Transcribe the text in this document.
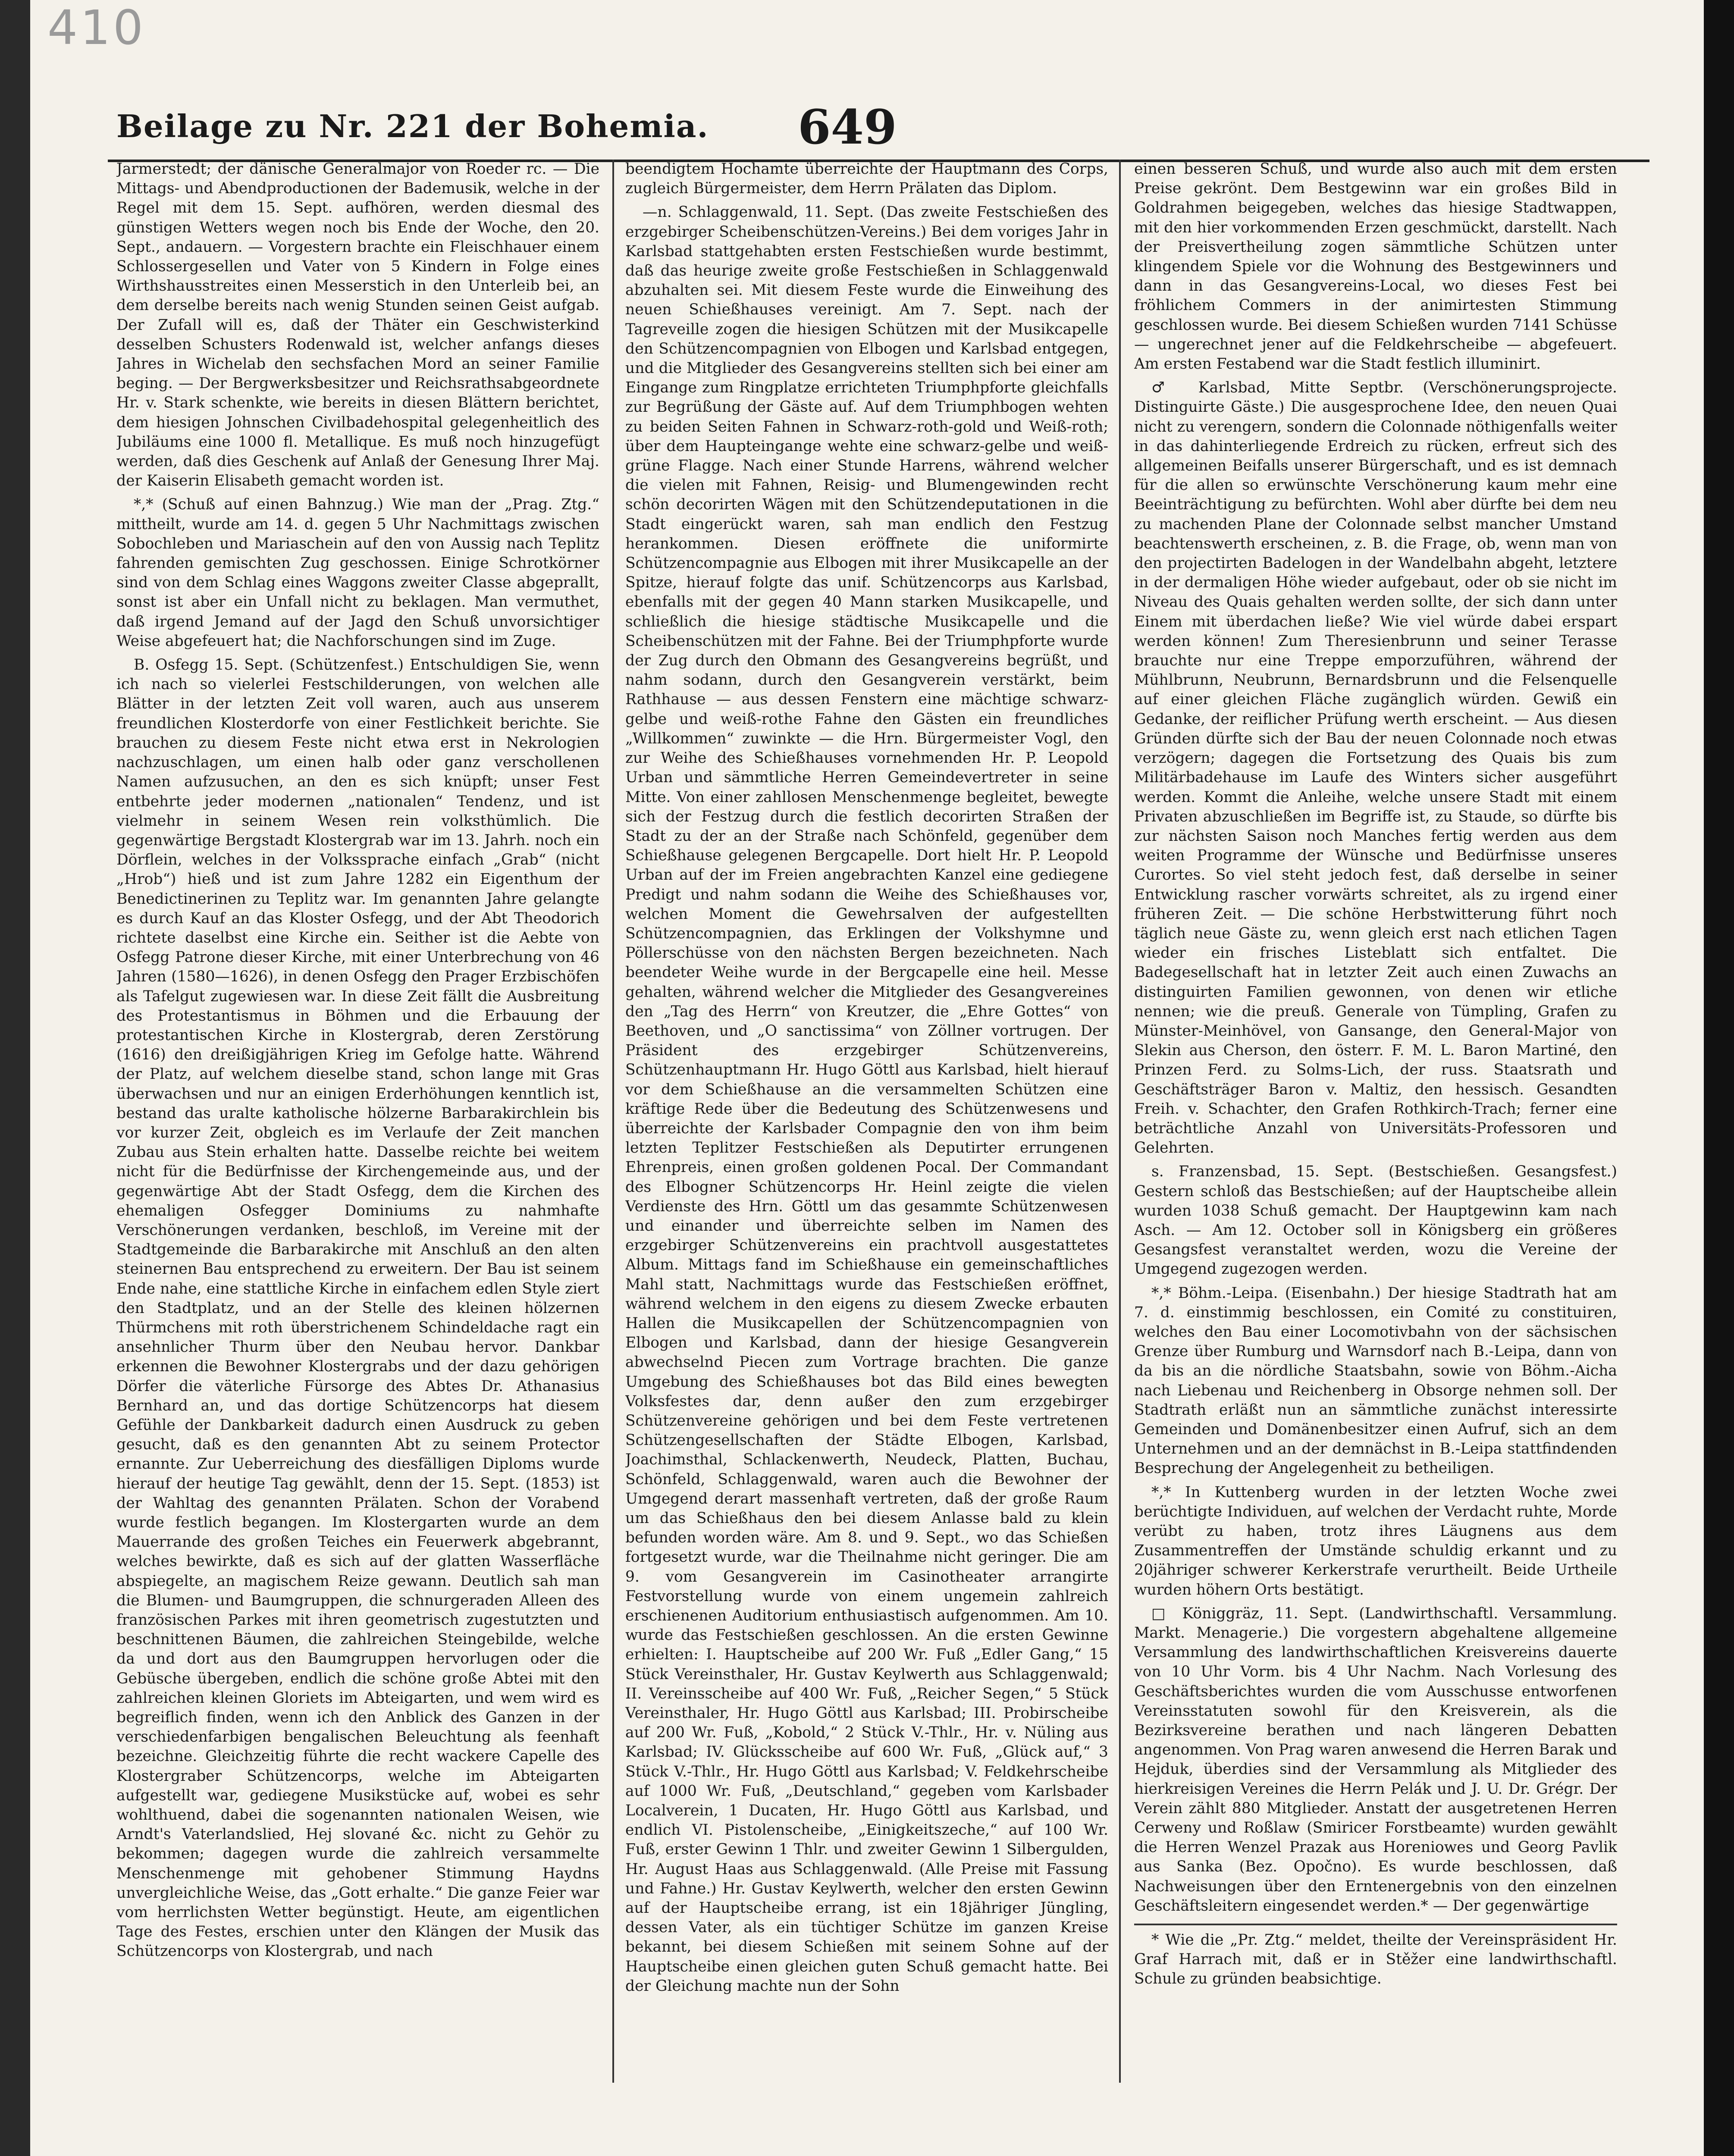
410
Beilage zu Nr. 221 der Bohemia. 649

Jarmerstedt; der dänische Generalmajor von Roeder rc. — Die Mittags- und Abendproductionen der Bademusik, welche in der Regel mit dem 15. Sept. aufhören, werden diesmal des günstigen Wetters wegen noch bis Ende der Woche, den 20. Sept., andauern. — Vorgestern brachte ein Fleischhauer einem Schlossergesellen und Vater von 5 Kindern in Folge eines Wirthshausstreites einen Messerstich in den Unterleib bei, an dem derselbe bereits nach wenig Stunden seinen Geist aufgab. Der Zufall will es, daß der Thäter ein Geschwisterkind desselben Schusters Rodenwald ist, welcher anfangs dieses Jahres in Wichelab den sechsfachen Mord an seiner Familie beging. — Der Bergwerksbesitzer und Reichsrathsabgeordnete Hr. v. Stark schenkte, wie bereits in diesen Blättern berichtet, dem hiesigen Johnschen Civilbadehospital gelegenheitlich des Jubiläums eine 1000 fl. Metallique. Es muß noch hinzugefügt werden, daß dies Geschenk auf Anlaß der Genesung Ihrer Maj. der Kaiserin Elisabeth gemacht worden ist.

*,* (Schuß auf einen Bahnzug.) Wie man der „Prag. Ztg.“ mittheilt, wurde am 14. d. gegen 5 Uhr Nachmittags zwischen Sobochleben und Mariaschein auf den von Aussig nach Teplitz fahrenden gemischten Zug geschossen. Einige Schrotkörner sind von dem Schlag eines Waggons zweiter Classe abgeprallt, sonst ist aber ein Unfall nicht zu beklagen. Man vermuthet, daß irgend Jemand auf der Jagd den Schuß unvorsichtiger Weise abgefeuert hat; die Nachforschungen sind im Zuge.

B. Osfegg 15. Sept. (Schützenfest.) Entschuldigen Sie, wenn ich nach so vielerlei Festschilderungen, von welchen alle Blätter in der letzten Zeit voll waren, auch aus unserem freundlichen Klosterdorfe von einer Festlichkeit berichte. Sie brauchen zu diesem Feste nicht etwa erst in Nekrologien nachzuschlagen, um einen halb oder ganz verschollenen Namen aufzusuchen, an den es sich knüpft; unser Fest entbehrte jeder modernen „nationalen“ Tendenz, und ist vielmehr in seinem Wesen rein volksthümlich. Die gegenwärtige Bergstadt Klostergrab war im 13. Jahrh. noch ein Dörflein, welches in der Volkssprache einfach „Grab“ (nicht „Hrob“) hieß und ist zum Jahre 1282 ein Eigenthum der Benedictinerinen zu Teplitz war. Im genannten Jahre gelangte es durch Kauf an das Kloster Osfegg, und der Abt Theodorich richtete daselbst eine Kirche ein. Seither ist die Aebte von Osfegg Patrone dieser Kirche, mit einer Unterbrechung von 46 Jahren (1580—1626), in denen Osfegg den Prager Erzbischöfen als Tafelgut zugewiesen war. In diese Zeit fällt die Ausbreitung des Protestantismus in Böhmen und die Erbauung der protestantischen Kirche in Klostergrab, deren Zerstörung (1616) den dreißigjährigen Krieg im Gefolge hatte. Während der Platz, auf welchem dieselbe stand, schon lange mit Gras überwachsen und nur an einigen Erderhöhungen kenntlich ist, bestand das uralte katholische hölzerne Barbarakirchlein bis vor kurzer Zeit, obgleich es im Verlaufe der Zeit manchen Zubau aus Stein erhalten hatte. Dasselbe reichte bei weitem nicht für die Bedürfnisse der Kirchengemeinde aus, und der gegenwärtige Abt der Stadt Osfegg, dem die Kirchen des ehemaligen Osfegger Dominiums zu nahmhafte Verschönerungen verdanken, beschloß, im Vereine mit der Stadtgemeinde die Barbarakirche mit Anschluß an den alten steinernen Bau entsprechend zu erweitern. Der Bau ist seinem Ende nahe, eine stattliche Kirche in einfachem edlen Style ziert den Stadtplatz, und an der Stelle des kleinen hölzernen Thürmchens mit roth überstrichenem Schindeldache ragt ein ansehnlicher Thurm über den Neubau hervor. Dankbar erkennen die Bewohner Klostergrabs und der dazu gehörigen Dörfer die väterliche Fürsorge des Abtes Dr. Athanasius Bernhard an, und das dortige Schützencorps hat diesem Gefühle der Dankbarkeit dadurch einen Ausdruck zu geben gesucht, daß es den genannten Abt zu seinem Protector ernannte. Zur Ueberreichung des diesfälligen Diploms wurde hierauf der heutige Tag gewählt, denn der 15. Sept. (1853) ist der Wahltag des genannten Prälaten. Schon der Vorabend wurde festlich begangen. Im Klostergarten wurde an dem Mauerrande des großen Teiches ein Feuerwerk abgebrannt, welches bewirkte, daß es sich auf der glatten Wasserfläche abspiegelte, an magischem Reize gewann. Deutlich sah man die Blumen- und Baumgruppen, die schnurgeraden Alleen des französischen Parkes mit ihren geometrisch zugestutzten und beschnittenen Bäumen, die zahlreichen Steingebilde, welche da und dort aus den Baumgruppen hervorlugen oder die Gebüsche übergeben, endlich die schöne große Abtei mit den zahlreichen kleinen Gloriets im Abteigarten, und wem wird es begreiflich finden, wenn ich den Anblick des Ganzen in der verschiedenfarbigen bengalischen Beleuchtung als feenhaft bezeichne. Gleichzeitig führte die recht wackere Capelle des Klostergraber Schützencorps, welche im Abteigarten aufgestellt war, gediegene Musikstücke auf, wobei es sehr wohlthuend, dabei die sogenannten nationalen Weisen, wie Arndt's Vaterlandslied, Hej slované &c. nicht zu Gehör zu bekommen; dagegen wurde die zahlreich versammelte Menschenmenge mit gehobener Stimmung Haydns unvergleichliche Weise, das „Gott erhalte.“ Die ganze Feier war vom herrlichsten Wetter begünstigt. Heute, am eigentlichen Tage des Festes, erschien unter den Klängen der Musik das Schützencorps von Klostergrab, und nach

beendigtem Hochamte überreichte der Hauptmann des Corps, zugleich Bürgermeister, dem Herrn Prälaten das Diplom.

—n. Schlaggenwald, 11. Sept. (Das zweite Festschießen des erzgebirger Scheibenschützen-Vereins.) Bei dem voriges Jahr in Karlsbad stattgehabten ersten Festschießen wurde bestimmt, daß das heurige zweite große Festschießen in Schlaggenwald abzuhalten sei. Mit diesem Feste wurde die Einweihung des neuen Schießhauses vereinigt. Am 7. Sept. nach der Tagreveille zogen die hiesigen Schützen mit der Musikcapelle den Schützencompagnien von Elbogen und Karlsbad entgegen, und die Mitglieder des Gesangvereins stellten sich bei einer am Eingange zum Ringplatze errichteten Triumphpforte gleichfalls zur Begrüßung der Gäste auf. Auf dem Triumphbogen wehten zu beiden Seiten Fahnen in Schwarz-roth-gold und Weiß-roth; über dem Haupteingange wehte eine schwarz-gelbe und weiß-grüne Flagge. Nach einer Stunde Harrens, während welcher die vielen mit Fahnen, Reisig- und Blumengewinden recht schön decorirten Wägen mit den Schützendeputationen in die Stadt eingerückt waren, sah man endlich den Festzug herankommen. Diesen eröffnete die uniformirte Schützencompagnie aus Elbogen mit ihrer Musikcapelle an der Spitze, hierauf folgte das unif. Schützencorps aus Karlsbad, ebenfalls mit der gegen 40 Mann starken Musikcapelle, und schließlich die hiesige städtische Musikcapelle und die Scheibenschützen mit der Fahne. Bei der Triumphpforte wurde der Zug durch den Obmann des Gesangvereins begrüßt, und nahm sodann, durch den Gesangverein verstärkt, beim Rathhause — aus dessen Fenstern eine mächtige schwarz-gelbe und weiß-rothe Fahne den Gästen ein freundliches „Willkommen“ zuwinkte — die Hrn. Bürgermeister Vogl, den zur Weihe des Schießhauses vornehmenden Hr. P. Leopold Urban und sämmtliche Herren Gemeindevertreter in seine Mitte. Von einer zahllosen Menschenmenge begleitet, bewegte sich der Festzug durch die festlich decorirten Straßen der Stadt zu der an der Straße nach Schönfeld, gegenüber dem Schießhause gelegenen Bergcapelle. Dort hielt Hr. P. Leopold Urban auf der im Freien angebrachten Kanzel eine gediegene Predigt und nahm sodann die Weihe des Schießhauses vor, welchen Moment die Gewehrsalven der aufgestellten Schützencompagnien, das Erklingen der Volkshymne und Pöllerschüsse von den nächsten Bergen bezeichneten. Nach beendeter Weihe wurde in der Bergcapelle eine heil. Messe gehalten, während welcher die Mitglieder des Gesangvereines den „Tag des Herrn“ von Kreutzer, die „Ehre Gottes“ von Beethoven, und „O sanctissima“ von Zöllner vortrugen. Der Präsident des erzgebirger Schützenvereins, Schützenhauptmann Hr. Hugo Göttl aus Karlsbad, hielt hierauf vor dem Schießhause an die versammelten Schützen eine kräftige Rede über die Bedeutung des Schützenwesens und überreichte der Karlsbader Compagnie den von ihm beim letzten Teplitzer Festschießen als Deputirter errungenen Ehrenpreis, einen großen goldenen Pocal. Der Commandant des Elbogner Schützencorps Hr. Heinl zeigte die vielen Verdienste des Hrn. Göttl um das gesammte Schützenwesen und einander und überreichte selben im Namen des erzgebirger Schützenvereins ein prachtvoll ausgestattetes Album. Mittags fand im Schießhause ein gemeinschaftliches Mahl statt, Nachmittags wurde das Festschießen eröffnet, während welchem in den eigens zu diesem Zwecke erbauten Hallen die Musikcapellen der Schützencompagnien von Elbogen und Karlsbad, dann der hiesige Gesangverein abwechselnd Piecen zum Vortrage brachten. Die ganze Umgebung des Schießhauses bot das Bild eines bewegten Volksfestes dar, denn außer den zum erzgebirger Schützenvereine gehörigen und bei dem Feste vertretenen Schützengesellschaften der Städte Elbogen, Karlsbad, Joachimsthal, Schlackenwerth, Neudeck, Platten, Buchau, Schönfeld, Schlaggenwald, waren auch die Bewohner der Umgegend derart massenhaft vertreten, daß der große Raum um das Schießhaus den bei diesem Anlasse bald zu klein befunden worden wäre. Am 8. und 9. Sept., wo das Schießen fortgesetzt wurde, war die Theilnahme nicht geringer. Die am 9. vom Gesangverein im Casinotheater arrangirte Festvorstellung wurde von einem ungemein zahlreich erschienenen Auditorium enthusiastisch aufgenommen. Am 10. wurde das Festschießen geschlossen. An die ersten Gewinne erhielten: I. Hauptscheibe auf 200 Wr. Fuß „Edler Gang,“ 15 Stück Vereinsthaler, Hr. Gustav Keylwerth aus Schlaggenwald; II. Vereinsscheibe auf 400 Wr. Fuß, „Reicher Segen,“ 5 Stück Vereinsthaler, Hr. Hugo Göttl aus Karlsbad; III. Probirscheibe auf 200 Wr. Fuß, „Kobold,“ 2 Stück V.-Thlr., Hr. v. Nüling aus Karlsbad; IV. Glücksscheibe auf 600 Wr. Fuß, „Glück auf,“ 3 Stück V.-Thlr., Hr. Hugo Göttl aus Karlsbad; V. Feldkehrscheibe auf 1000 Wr. Fuß, „Deutschland,“ gegeben vom Karlsbader Localverein, 1 Ducaten, Hr. Hugo Göttl aus Karlsbad, und endlich VI. Pistolenscheibe, „Einigkeitszeche,“ auf 100 Wr. Fuß, erster Gewinn 1 Thlr. und zweiter Gewinn 1 Silbergulden, Hr. August Haas aus Schlaggenwald. (Alle Preise mit Fassung und Fahne.) Hr. Gustav Keylwerth, welcher den ersten Gewinn auf der Hauptscheibe errang, ist ein 18jähriger Jüngling, dessen Vater, als ein tüchtiger Schütze im ganzen Kreise bekannt, bei diesem Schießen mit seinem Sohne auf der Hauptscheibe einen gleichen guten Schuß gemacht hatte. Bei der Gleichung machte nun der Sohn

einen besseren Schuß, und wurde also auch mit dem ersten Preise gekrönt. Dem Bestgewinn war ein großes Bild in Goldrahmen beigegeben, welches das hiesige Stadtwappen, mit den hier vorkommenden Erzen geschmückt, darstellt. Nach der Preisvertheilung zogen sämmtliche Schützen unter klingendem Spiele vor die Wohnung des Bestgewinners und dann in das Gesangvereins-Local, wo dieses Fest bei fröhlichem Commers in der animirtesten Stimmung geschlossen wurde. Bei diesem Schießen wurden 7141 Schüsse — ungerechnet jener auf die Feldkehrscheibe — abgefeuert. Am ersten Festabend war die Stadt festlich illuminirt.

♂ Karlsbad, Mitte Septbr. (Verschönerungsprojecte. Distinguirte Gäste.) Die ausgesprochene Idee, den neuen Quai nicht zu verengern, sondern die Colonnade nöthigenfalls weiter in das dahinterliegende Erdreich zu rücken, erfreut sich des allgemeinen Beifalls unserer Bürgerschaft, und es ist demnach für die allen so erwünschte Verschönerung kaum mehr eine Beeinträchtigung zu befürchten. Wohl aber dürfte bei dem neu zu machenden Plane der Colonnade selbst mancher Umstand beachtenswerth erscheinen, z. B. die Frage, ob, wenn man von den projectirten Badelogen in der Wandelbahn abgeht, letztere in der dermaligen Höhe wieder aufgebaut, oder ob sie nicht im Niveau des Quais gehalten werden sollte, der sich dann unter Einem mit überdachen ließe? Wie viel würde dabei erspart werden können! Zum Theresienbrunn und seiner Terasse brauchte nur eine Treppe emporzuführen, während der Mühlbrunn, Neubrunn, Bernardsbrunn und die Felsenquelle auf einer gleichen Fläche zugänglich würden. Gewiß ein Gedanke, der reiflicher Prüfung werth erscheint. — Aus diesen Gründen dürfte sich der Bau der neuen Colonnade noch etwas verzögern; dagegen die Fortsetzung des Quais bis zum Militärbadehause im Laufe des Winters sicher ausgeführt werden. Kommt die Anleihe, welche unsere Stadt mit einem Privaten abzuschließen im Begriffe ist, zu Staude, so dürfte bis zur nächsten Saison noch Manches fertig werden aus dem weiten Programme der Wünsche und Bedürfnisse unseres Curortes. So viel steht jedoch fest, daß derselbe in seiner Entwicklung rascher vorwärts schreitet, als zu irgend einer früheren Zeit. — Die schöne Herbstwitterung führt noch täglich neue Gäste zu, wenn gleich erst nach etlichen Tagen wieder ein frisches Listeblatt sich entfaltet. Die Badegesellschaft hat in letzter Zeit auch einen Zuwachs an distinguirten Familien gewonnen, von denen wir etliche nennen; wie die preuß. Generale von Tümpling, Grafen zu Münster-Meinhövel, von Gansange, den General-Major von Slekin aus Cherson, den österr. F. M. L. Baron Martiné, den Prinzen Ferd. zu Solms-Lich, der russ. Staatsrath und Geschäftsträger Baron v. Maltiz, den hessisch. Gesandten Freih. v. Schachter, den Grafen Rothkirch-Trach; ferner eine beträchtliche Anzahl von Universitäts-Professoren und Gelehrten.

s. Franzensbad, 15. Sept. (Bestschießen. Gesangsfest.) Gestern schloß das Bestschießen; auf der Hauptscheibe allein wurden 1038 Schuß gemacht. Der Hauptgewinn kam nach Asch. — Am 12. October soll in Königsberg ein größeres Gesangsfest veranstaltet werden, wozu die Vereine der Umgegend zugezogen werden.

*,* Böhm.-Leipa. (Eisenbahn.) Der hiesige Stadtrath hat am 7. d. einstimmig beschlossen, ein Comité zu constituiren, welches den Bau einer Locomotivbahn von der sächsischen Grenze über Rumburg und Warnsdorf nach B.-Leipa, dann von da bis an die nördliche Staatsbahn, sowie von Böhm.-Aicha nach Liebenau und Reichenberg in Obsorge nehmen soll. Der Stadtrath erläßt nun an sämmtliche zunächst interessirte Gemeinden und Domänenbesitzer einen Aufruf, sich an dem Unternehmen und an der demnächst in B.-Leipa stattfindenden Besprechung der Angelegenheit zu betheiligen.

*,* In Kuttenberg wurden in der letzten Woche zwei berüchtigte Individuen, auf welchen der Verdacht ruhte, Morde verübt zu haben, trotz ihres Läugnens aus dem Zusammentreffen der Umstände schuldig erkannt und zu 20jähriger schwerer Kerkerstrafe verurtheilt. Beide Urtheile wurden höhern Orts bestätigt.

□ Königgräz, 11. Sept. (Landwirthschaftl. Versammlung. Markt. Menagerie.) Die vorgestern abgehaltene allgemeine Versammlung des landwirthschaftlichen Kreisvereins dauerte von 10 Uhr Vorm. bis 4 Uhr Nachm. Nach Vorlesung des Geschäftsberichtes wurden die vom Ausschusse entworfenen Vereinsstatuten sowohl für den Kreisverein, als die Bezirksvereine berathen und nach längeren Debatten angenommen. Von Prag waren anwesend die Herren Barak und Hejduk, überdies sind der Versammlung als Mitglieder des hierkreisigen Vereines die Herrn Pelák und J. U. Dr. Grégr. Der Verein zählt 880 Mitglieder. Anstatt der ausgetretenen Herren Cerweny und Roßlaw (Smiricer Forstbeamte) wurden gewählt die Herren Wenzel Prazak aus Horeniowes und Georg Pavlik aus Sanka (Bez. Opočno). Es wurde beschlossen, daß Nachweisungen über den Erntenergebnis von den einzelnen Geschäftsleitern eingesendet werden.* — Der gegenwärtige

* Wie die „Pr. Ztg.“ meldet, theilte der Vereinspräsident Hr. Graf Harrach mit, daß er in Stěžer eine landwirthschaftl. Schule zu gründen beabsichtige.
